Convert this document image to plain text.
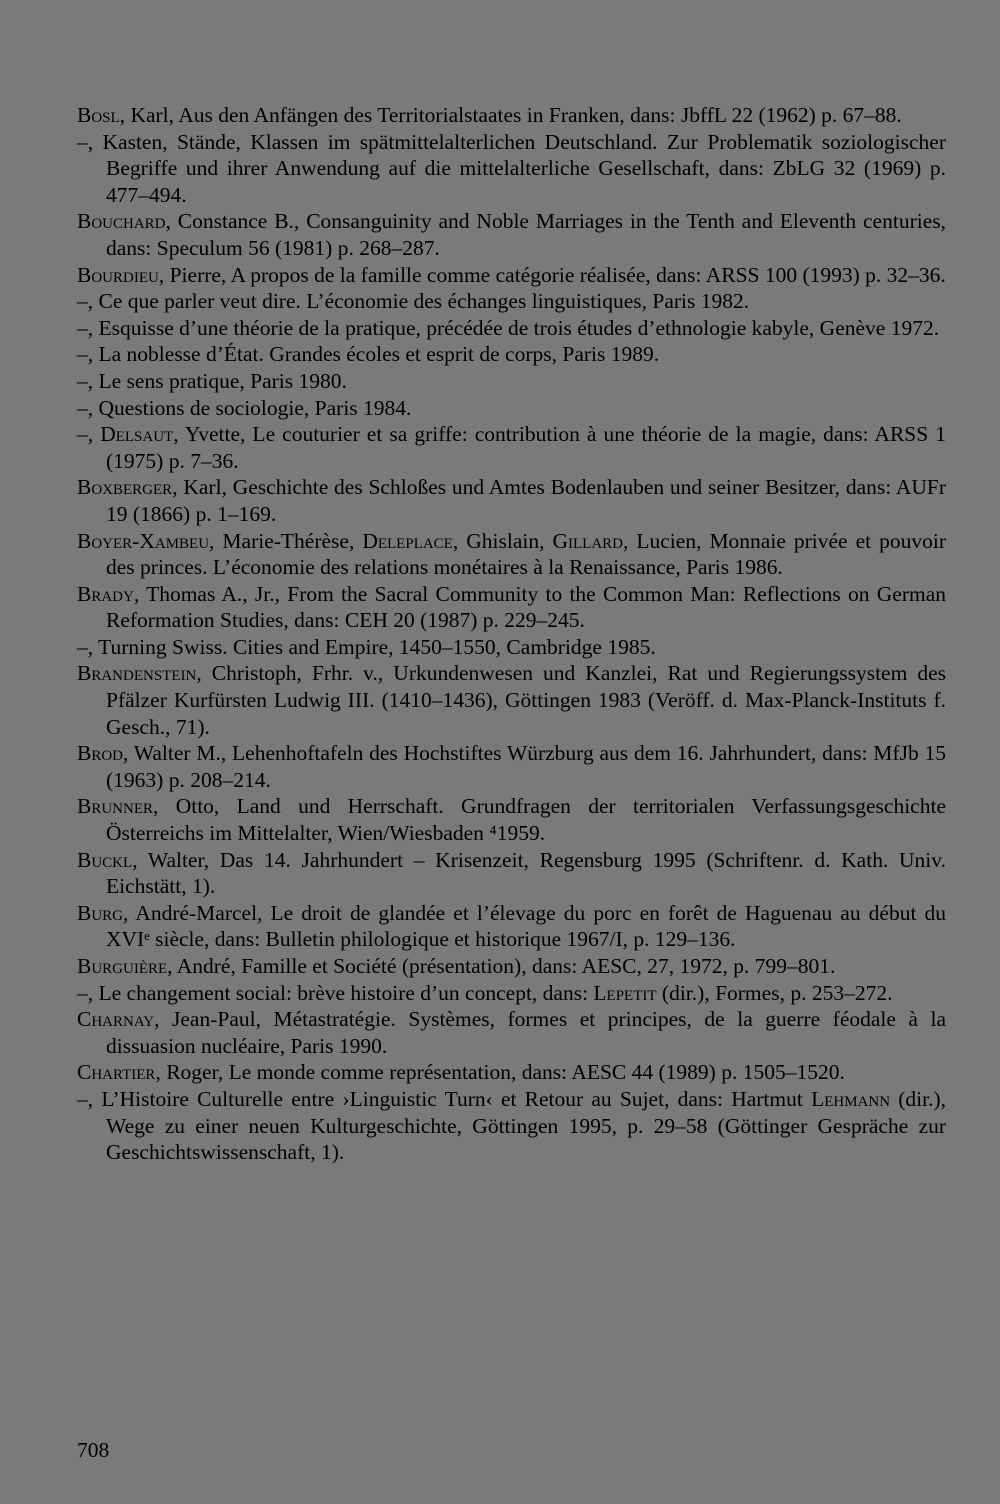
Bosl, Karl, Aus den Anfängen des Territorialstaates in Franken, dans: JbffL 22 (1962) p. 67–88.
–, Kasten, Stände, Klassen im spätmittelalterlichen Deutschland. Zur Problematik soziologischer Begriffe und ihrer Anwendung auf die mittelalterliche Gesellschaft, dans: ZbLG 32 (1969) p. 477–494.
Bouchard, Constance B., Consanguinity and Noble Marriages in the Tenth and Eleventh centuries, dans: Speculum 56 (1981) p. 268–287.
Bourdieu, Pierre, A propos de la famille comme catégorie réalisée, dans: ARSS 100 (1993) p. 32–36.
–, Ce que parler veut dire. L’économie des échanges linguistiques, Paris 1982.
–, Esquisse d’une théorie de la pratique, précédée de trois études d’ethnologie kabyle, Genève 1972.
–, La noblesse d’État. Grandes écoles et esprit de corps, Paris 1989.
–, Le sens pratique, Paris 1980.
–, Questions de sociologie, Paris 1984.
–, Delsaut, Yvette, Le couturier et sa griffe: contribution à une théorie de la magie, dans: ARSS 1 (1975) p. 7–36.
Boxberger, Karl, Geschichte des Schloßes und Amtes Bodenlauben und seiner Besitzer, dans: AUFr 19 (1866) p. 1–169.
Boyer-Xambeu, Marie-Thérèse, Deleplace, Ghislain, Gillard, Lucien, Monnaie privée et pouvoir des princes. L’économie des relations monétaires à la Renaissance, Paris 1986.
Brady, Thomas A., Jr., From the Sacral Community to the Common Man: Reflections on German Reformation Studies, dans: CEH 20 (1987) p. 229–245.
–, Turning Swiss. Cities and Empire, 1450–1550, Cambridge 1985.
Brandenstein, Christoph, Frhr. v., Urkundenwesen und Kanzlei, Rat und Regierungssystem des Pfälzer Kurfürsten Ludwig III. (1410–1436), Göttingen 1983 (Veröff. d. Max-Planck-Instituts f. Gesch., 71).
Brod, Walter M., Lehenhoftafeln des Hochstiftes Würzburg aus dem 16. Jahrhundert, dans: MfJb 15 (1963) p. 208–214.
Brunner, Otto, Land und Herrschaft. Grundfragen der territorialen Verfassungsgeschichte Österreichs im Mittelalter, Wien/Wiesbaden ⁴1959.
Buckl, Walter, Das 14. Jahrhundert – Krisenzeit, Regensburg 1995 (Schriftenr. d. Kath. Univ. Eichstätt, 1).
Burg, André-Marcel, Le droit de glandée et l’élevage du porc en forêt de Haguenau au début du XVIᵉ siècle, dans: Bulletin philologique et historique 1967/I, p. 129–136.
Burguière, André, Famille et Société (présentation), dans: AESC, 27, 1972, p. 799–801.
–, Le changement social: brève histoire d’un concept, dans: Lepetit (dir.), Formes, p. 253–272.
Charnay, Jean-Paul, Métastratégie. Systèmes, formes et principes, de la guerre féodale à la dissuasion nucléaire, Paris 1990.
Chartier, Roger, Le monde comme représentation, dans: AESC 44 (1989) p. 1505–1520.
–, L’Histoire Culturelle entre ›Linguistic Turn‹ et Retour au Sujet, dans: Hartmut Lehmann (dir.), Wege zu einer neuen Kulturgeschichte, Göttingen 1995, p. 29–58 (Göttinger Gespräche zur Geschichtswissenschaft, 1).
708
